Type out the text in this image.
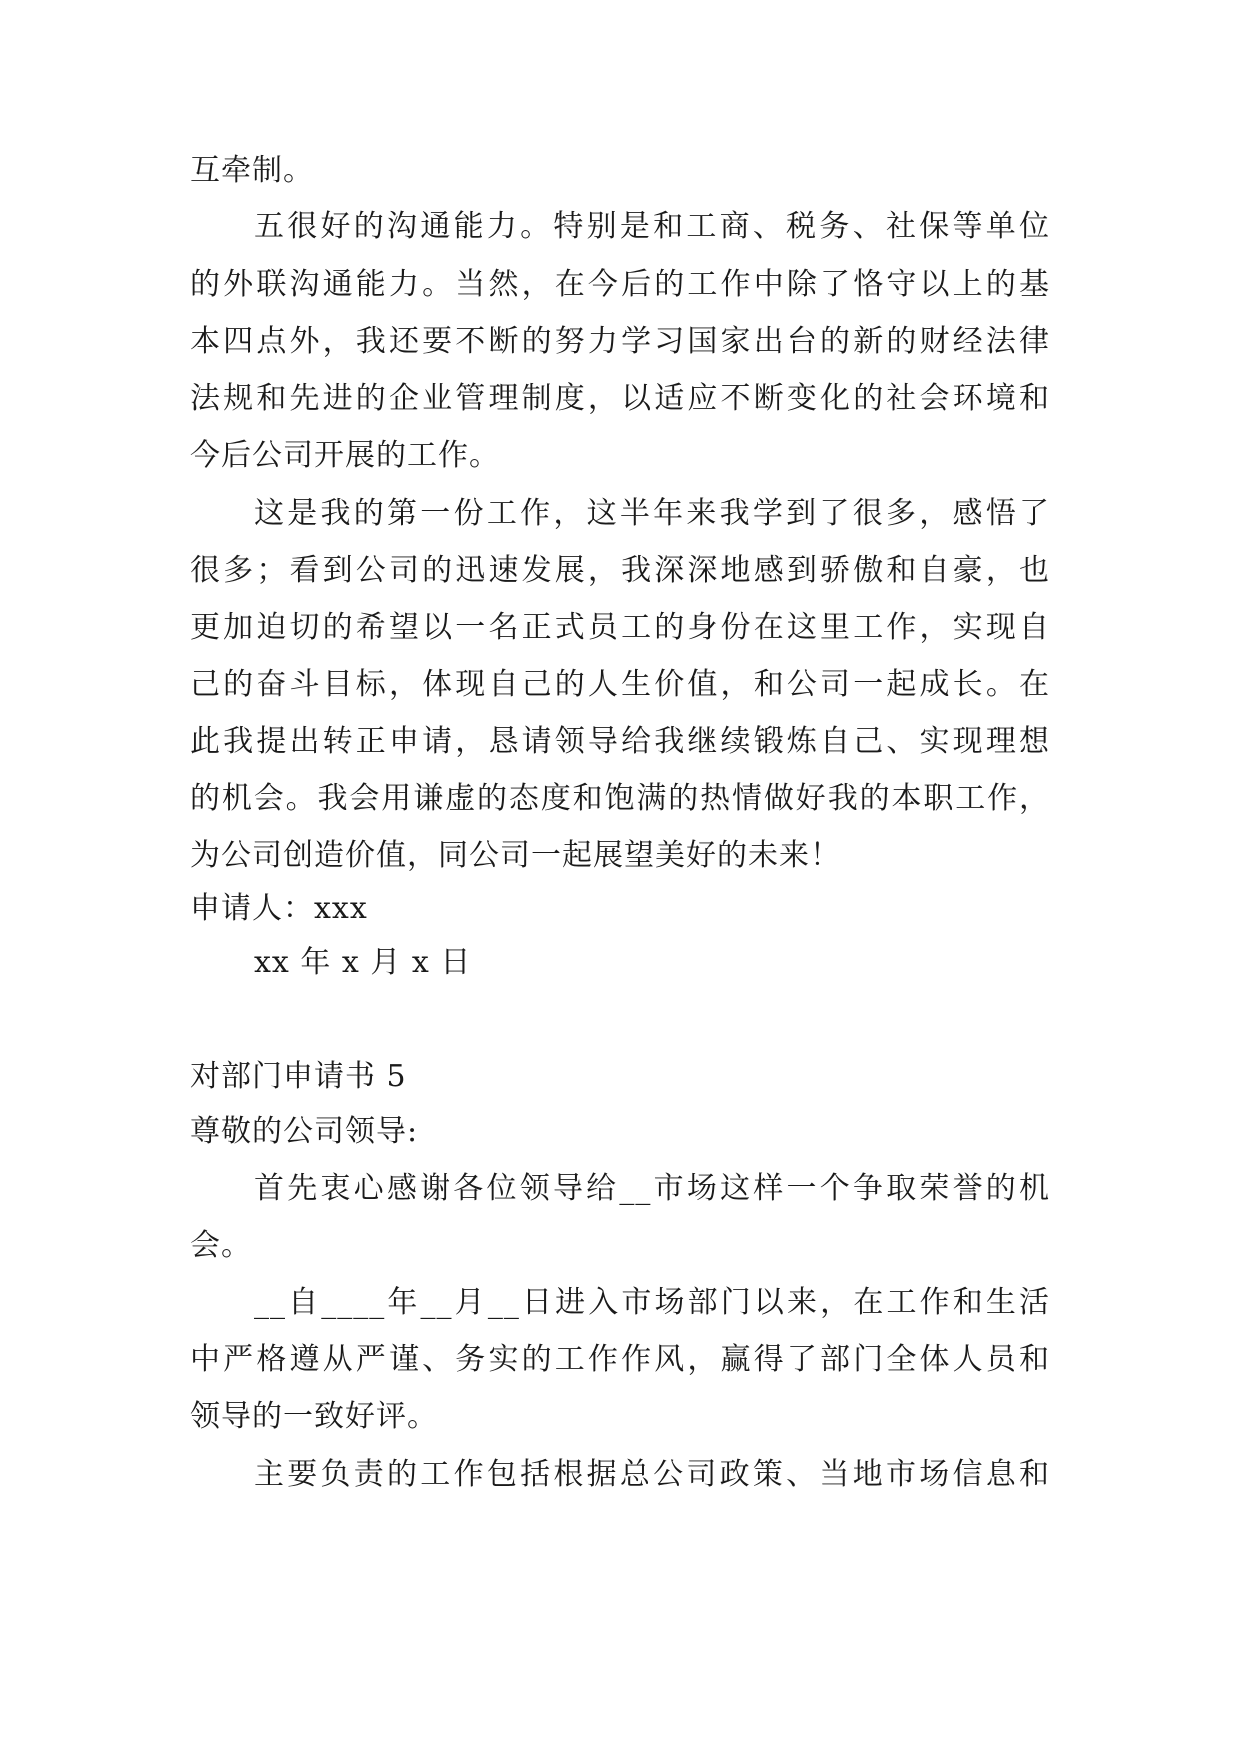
互牵制。
五很好的沟通能力。特别是和工商、税务、社保等单位
的外联沟通能力。当然，在今后的工作中除了恪守以上的基
本四点外，我还要不断的努力学习国家出台的新的财经法律
法规和先进的企业管理制度，以适应不断变化的社会环境和
今后公司开展的工作。
这是我的第一份工作，这半年来我学到了很多，感悟了
很多；看到公司的迅速发展，我深深地感到骄傲和自豪，也
更加迫切的希望以一名正式员工的身份在这里工作，实现自
己的奋斗目标，体现自己的人生价值，和公司一起成长。在
此我提出转正申请，恳请领导给我继续锻炼自己、实现理想
的机会。我会用谦虚的态度和饱满的热情做好我的本职工作，
为公司创造价值，同公司一起展望美好的未来！
申请人：xxx
xx 年 x 月 x 日
对部门申请书 5
尊敬的公司领导:
首先衷心感谢各位领导给__市场这样一个争取荣誉的机
会。
__自____年__月__日进入市场部门以来，在工作和生活
中严格遵从严谨、务实的工作作风，赢得了部门全体人员和
领导的一致好评。
主要负责的工作包括根据总公司政策、当地市场信息和
